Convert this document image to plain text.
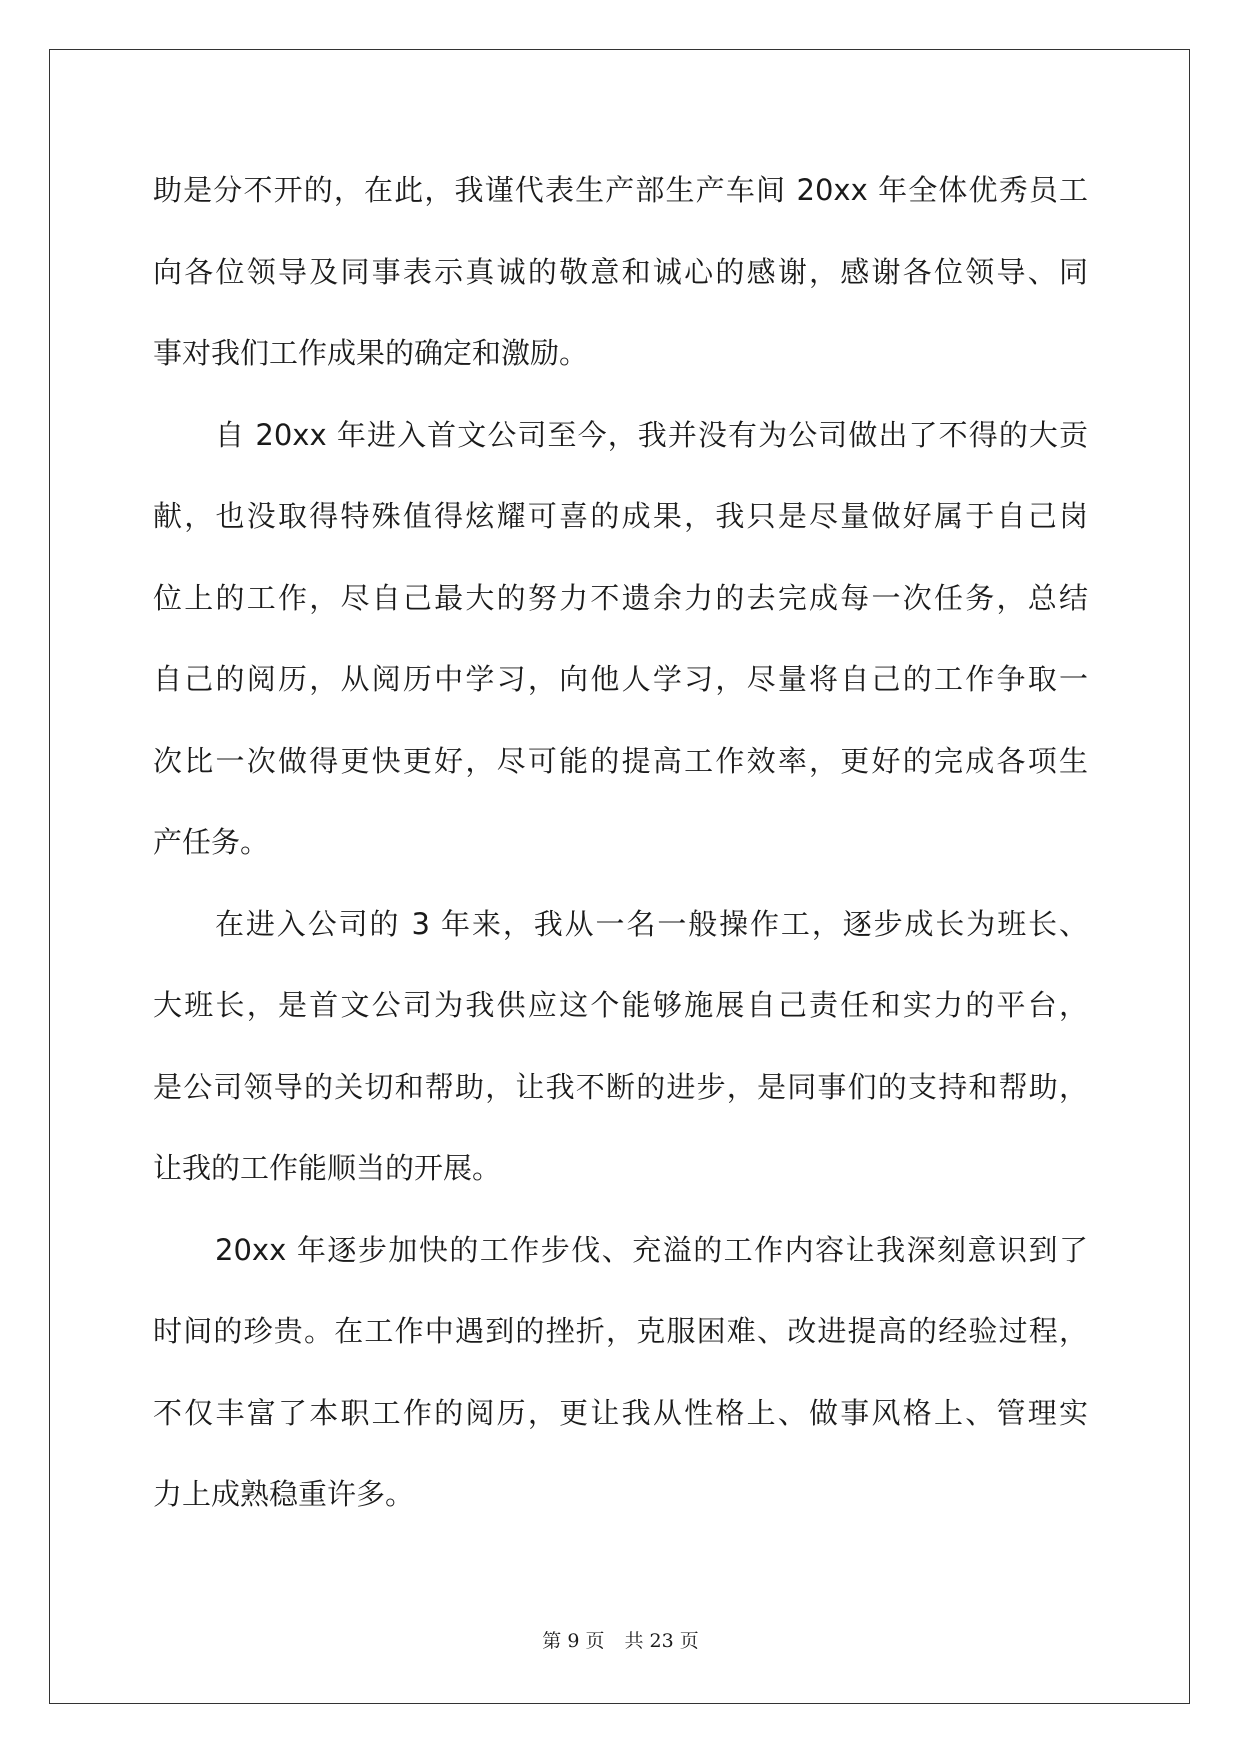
助是分不开的，在此，我谨代表生产部生产车间 20xx 年全体优秀员工
向各位领导及同事表示真诚的敬意和诚心的感谢，感谢各位领导、同
事对我们工作成果的确定和激励。
自 20xx 年进入首文公司至今，我并没有为公司做出了不得的大贡
献，也没取得特殊值得炫耀可喜的成果，我只是尽量做好属于自己岗
位上的工作，尽自己最大的努力不遗余力的去完成每一次任务，总结
自己的阅历，从阅历中学习，向他人学习，尽量将自己的工作争取一
次比一次做得更快更好，尽可能的提高工作效率，更好的完成各项生
产任务。
在进入公司的 3 年来，我从一名一般操作工，逐步成长为班长、
大班长，是首文公司为我供应这个能够施展自己责任和实力的平台，
是公司领导的关切和帮助，让我不断的进步，是同事们的支持和帮助，
让我的工作能顺当的开展。
20xx 年逐步加快的工作步伐、充溢的工作内容让我深刻意识到了
时间的珍贵。在工作中遇到的挫折，克服困难、改进提高的经验过程，
不仅丰富了本职工作的阅历，更让我从性格上、做事风格上、管理实
力上成熟稳重许多。
第 9 页 共 23 页
